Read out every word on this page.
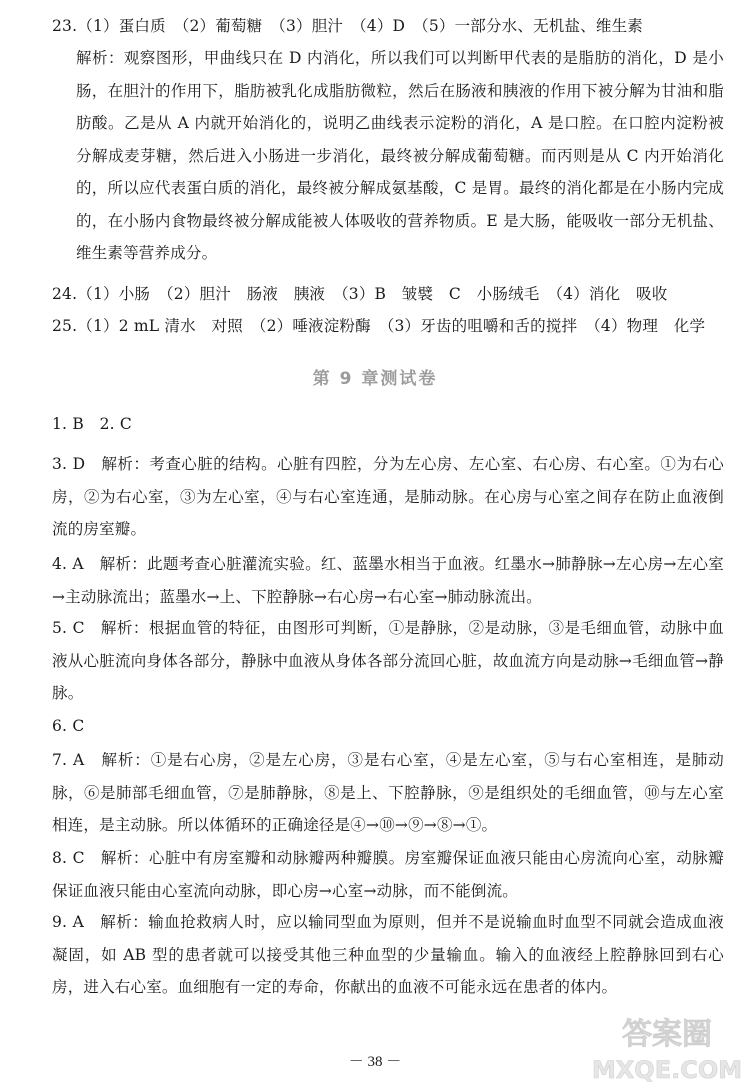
23.（1）蛋白质　（2）葡萄糖　（3）胆汁　（4）D　（5）一部分水、无机盐、维生素

解析：观察图形，甲曲线只在 D 内消化，所以我们可以判断甲代表的是脂肪的消化，D 是小肠，在胆汁的作用下，脂肪被乳化成脂肪微粒，然后在肠液和胰液的作用下被分解为甘油和脂肪酸。乙是从 A 内就开始消化的，说明乙曲线表示淀粉的消化，A 是口腔。在口腔内淀粉被分解成麦芽糖，然后进入小肠进一步消化，最终被分解成葡萄糖。而丙则是从 C 内开始消化的，所以应代表蛋白质的消化，最终被分解成氨基酸，C 是胃。最终的消化都是在小肠内完成的，在小肠内食物最终被分解成能被人体吸收的营养物质。E 是大肠，能吸收一部分无机盐、维生素等营养成分。

24.（1）小肠　（2）胆汁　肠液　胰液　（3）B　皱襞　C　小肠绒毛　（4）消化　吸收

25.（1）2 mL 清水　对照　（2）唾液淀粉酶　（3）牙齿的咀嚼和舌的搅拌　（4）物理　化学

第 9 章测试卷

1. B　2. C

3. D　解析：考查心脏的结构。心脏有四腔，分为左心房、左心室、右心房、右心室。①为右心房，②为右心室，③为左心室，④与右心室连通，是肺动脉。在心房与心室之间存在防止血液倒流的房室瓣。

4. A　解析：此题考查心脏灌流实验。红、蓝墨水相当于血液。红墨水→肺静脉→左心房→左心室→主动脉流出；蓝墨水→上、下腔静脉→右心房→右心室→肺动脉流出。

5. C　解析：根据血管的特征，由图形可判断，①是静脉，②是动脉，③是毛细血管，动脉中血液从心脏流向身体各部分，静脉中血液从身体各部分流回心脏，故血流方向是动脉→毛细血管→静脉。

6. C

7. A　解析：①是右心房，②是左心房，③是右心室，④是左心室，⑤与右心室相连，是肺动脉，⑥是肺部毛细血管，⑦是肺静脉，⑧是上、下腔静脉，⑨是组织处的毛细血管，⑩与左心室相连，是主动脉。所以体循环的正确途径是④→⑩→⑨→⑧→①。

8. C　解析：心脏中有房室瓣和动脉瓣两种瓣膜。房室瓣保证血液只能由心房流向心室，动脉瓣保证血液只能由心室流向动脉，即心房→心室→动脉，而不能倒流。

9. A　解析：输血抢救病人时，应以输同型血为原则，但并不是说输血时血型不同就会造成血液凝固，如 AB 型的患者就可以接受其他三种血型的少量输血。输入的血液经上腔静脉回到右心房，进入右心室。血细胞有一定的寿命，你献出的血液不可能永远在患者的体内。

－ 38 －
答案圈
MXQE.COM
